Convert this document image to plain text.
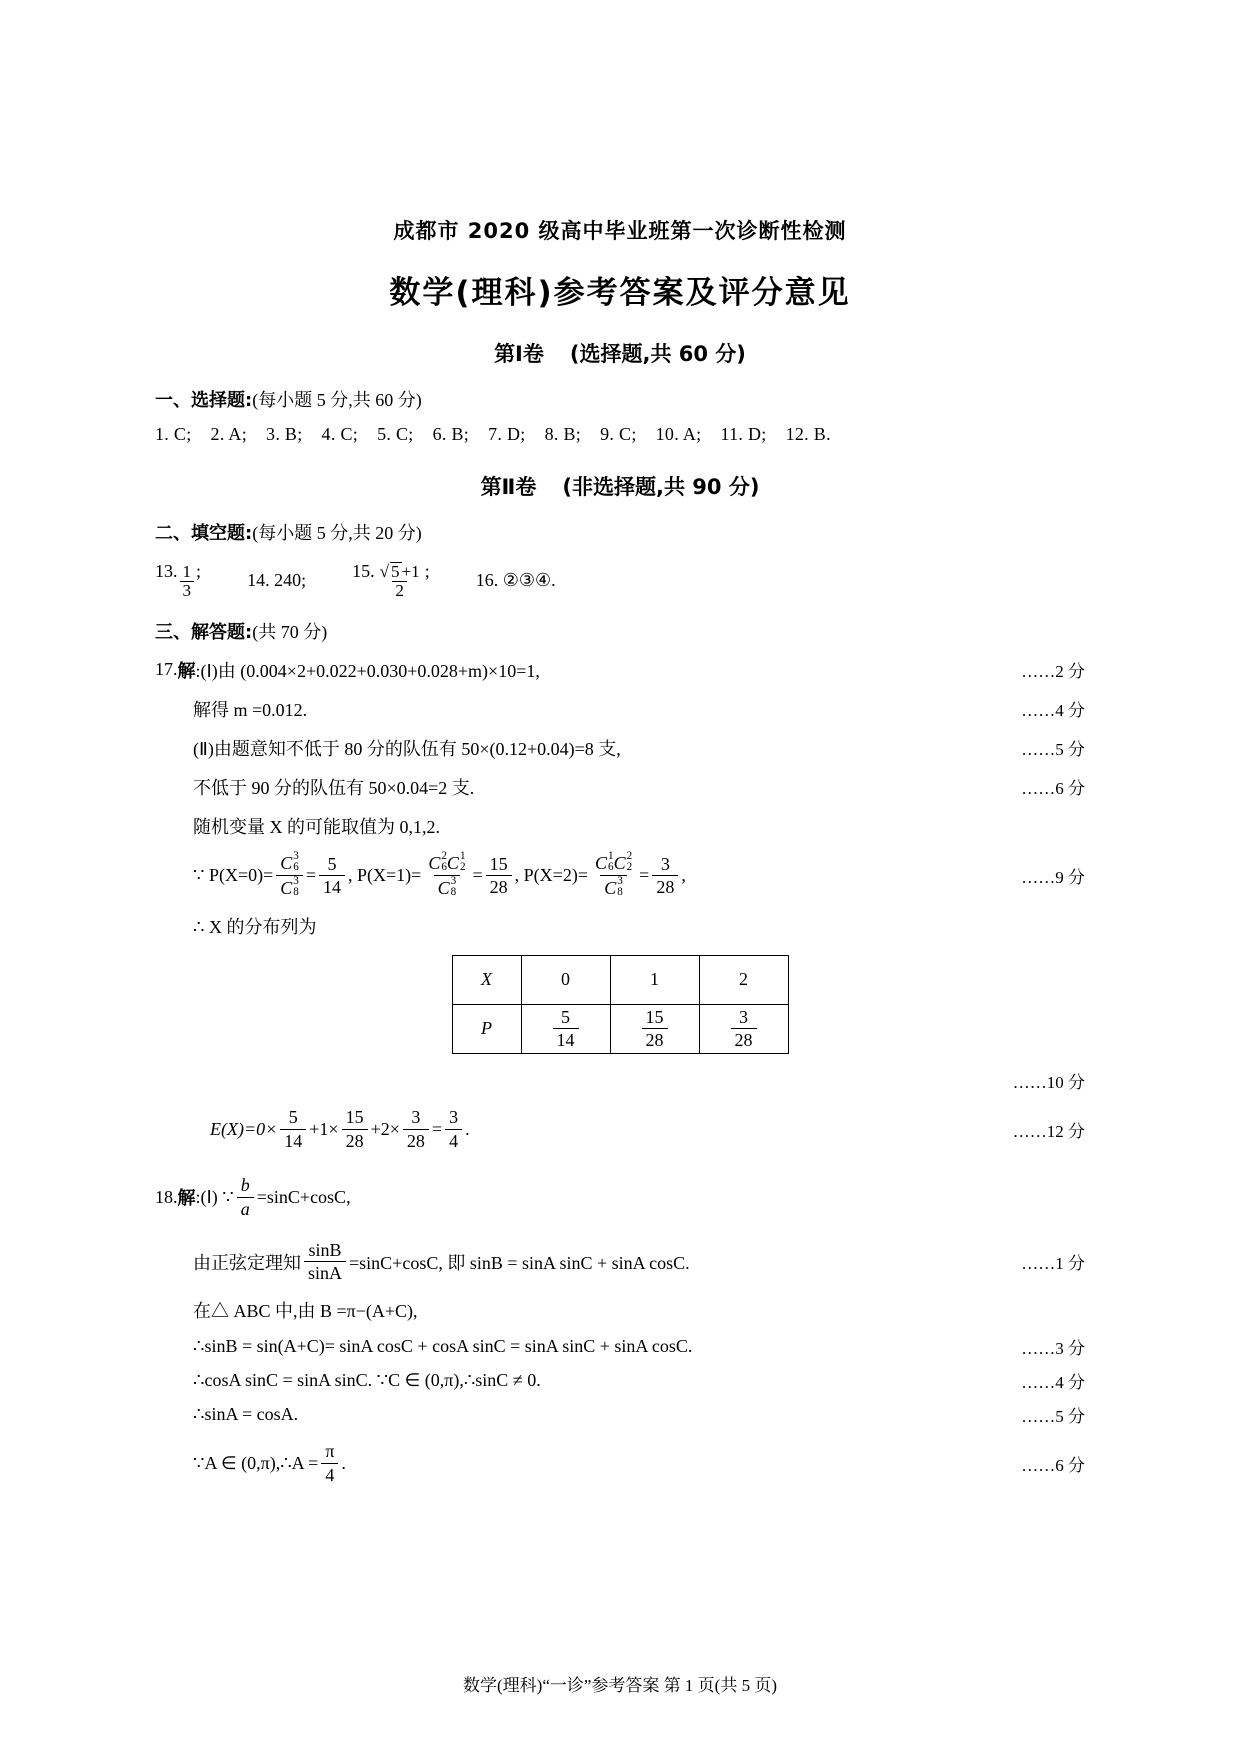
成都市 2020 级高中毕业班第一次诊断性检测
数学(理科)参考答案及评分意见
第Ⅰ卷 (选择题,共 60 分)
一、选择题:(每小题 5 分,共 60 分)
1. C; 2. A; 3. B; 4. C; 5. C; 6. B; 7. D; 8. B; 9. C; 10. A; 11. D; 12. B.
第Ⅱ卷 (非选择题,共 90 分)
二、填空题:(每小题 5 分,共 20 分)
13. $\frac{1}{3}$ ;	14. 240;	15. $\frac{√ 5 +1}{2}$ ;	16. ②③④.
三、解答题:(共 70 分)
17. 解 :(Ⅰ)由 (0.004×2+0.022+0.030+0.028+m)×10=1,	……2 分
解得 m =0.012.	……4 分
(Ⅱ)由题意知不低于 80 分的队伍有 50×(0.12+0.04)=8 支,	……5 分
不低于 90 分的队伍有 50×0.04=2 支.	……6 分
随机变量 X 的可能取值为 0,1,2.
∵ P(X=0)= C 3
6
C 3
$8 = \frac{5}{14}$ , P(X=1)= C 2
6 C 1
2
C 3
$8 = \frac{15}{28}$ , P(X=2)= C 1
6 C 2
2
C 3
$8 = \frac{3}{28}$ ,	……9 分
∴ X 的分布列为
X	0	1	2
P	$\frac{5}{14}$	$\frac{15}{28}$	$\frac{3}{28}$
……10 分
$E(X)=0\times \frac{5}{14} +1\times \frac{15}{28} +2\times \frac{3}{28} = \frac{3}{4}$ .	……12 分
18. 解 :(Ⅰ) ∵ $\frac{b}{a} =\sin C+\cos C$,
由正弦定理知 $\frac{\sin B}{\sin A} =\sin C+\cos C$, 即 sinB = sinA sinC + sinA cosC.	……1 分
在△ ABC 中,由 B =π−(A+C),
∴sinB = sin(A+C)= sinA cosC + cosA sinC = sinA sinC + sinA cosC.	……3 分
∴cosA sinC = sinA sinC. ∵C ∈ (0,π),∴sinC ≠ 0.	……4 分
∴sinA = cosA.	……5 分
∵A ∈ (0,π),∴A = $\frac{\pi}{4}$ .	……6 分
数学(理科)“一诊”参考答案 第 1 页(共 5 页)
